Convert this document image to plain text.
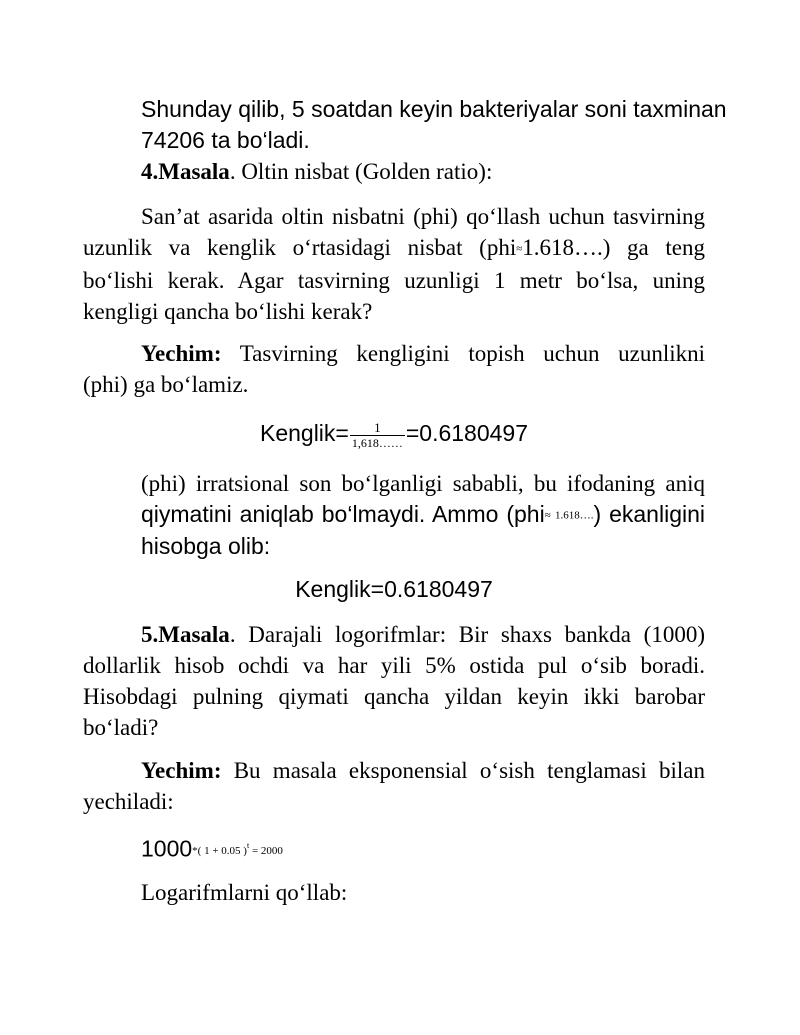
Shunday qilib, 5 soatdan keyin bakteriyalar soni taxminan
74206 ta bo‘ladi.
4.Masala. Oltin nisbat (Golden ratio):
San’at asarida oltin nisbatni (phi) qo‘llash uchun tasvirning
uzunlik va kenglik o‘rtasidagi nisbat (phi≈1.618….) ga teng
bo‘lishi kerak. Agar tasvirning uzunligi 1 metr bo‘lsa, uning
kengligi qancha bo‘lishi kerak?
Yechim: Tasvirning kengligini topish uchun uzunlikni
(phi) ga bo‘lamiz.
Kenglik= $\frac{1}{1,618\dots\dots} =0.6180497$
(phi) irratsional son bo‘lganligi sababli, bu ifodaning aniq
qiymatini aniqlab bo‘lmaydi. Ammo (phi≈ 1.618….) ekanligini
hisobga olib:
Kenglik=0.6180497
5.Masala. Darajali logorifmlar: Bir shaxs bankda (1000)
dollarlik hisob ochdi va har yili 5% ostida pul o‘sib boradi.
Hisobdagi pulning qiymati qancha yildan keyin ikki barobar
bo‘ladi?
Yechim: Bu masala eksponensial o‘sish tenglamasi bilan
yechiladi:
1000*( 1 + 0.05 )$^t$ = 2000
Logarifmlarni qo‘llab:
